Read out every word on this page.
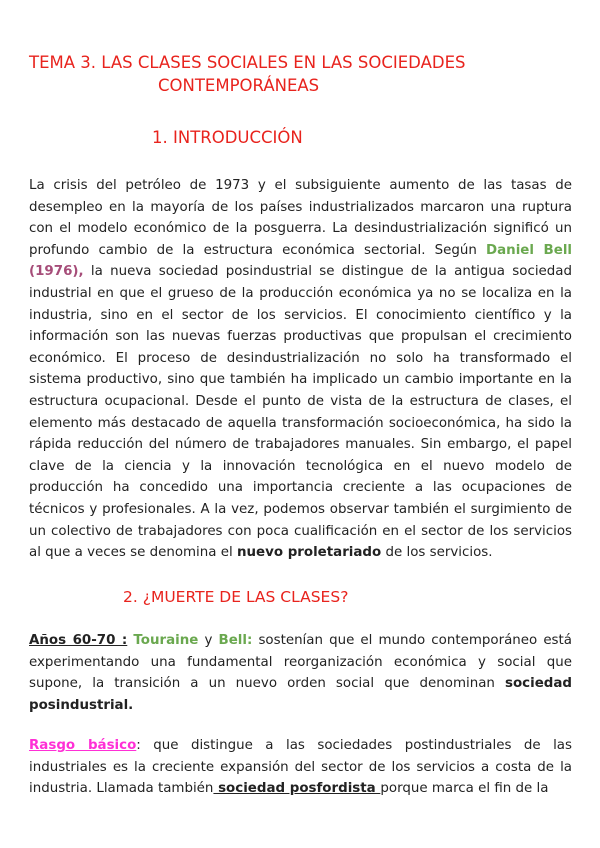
TEMA 3. LAS CLASES SOCIALES EN LAS SOCIEDADES
CONTEMPORÁNEAS
1. INTRODUCCIÓN

La crisis del petróleo de 1973 y el subsiguiente aumento de las tasas de desempleo en la mayoría de los países industrializados marcaron una ruptura con el modelo económico de la posguerra. La desindustrialización significó un profundo cambio de la estructura económica sectorial. Según Daniel Bell (1976), la nueva sociedad posindustrial se distingue de la antigua sociedad industrial en que el grueso de la producción económica ya no se localiza en la industria, sino en el sector de los servicios. El conocimiento científico y la información son las nuevas fuerzas productivas que propulsan el crecimiento económico. El proceso de desindustrialización no solo ha transformado el sistema productivo, sino que también ha implicado un cambio importante en la estructura ocupacional. Desde el punto de vista de la estructura de clases, el elemento más destacado de aquella transformación socioeconómica, ha sido la rápida reducción del número de trabajadores manuales. Sin embargo, el papel clave de la ciencia y la innovación tecnológica en el nuevo modelo de producción ha concedido una importancia creciente a las ocupaciones de técnicos y profesionales. A la vez, podemos observar también el surgimiento de un colectivo de trabajadores con poca cualificación en el sector de los servicios al que a veces se denomina el nuevo proletariado de los servicios.

2. ¿MUERTE DE LAS CLASES?

Años 60-70 : Touraine y Bell: sostenían que el mundo contemporáneo está experimentando una fundamental reorganización económica y social que supone, la transición a un nuevo orden social que denominan sociedad posindustrial.

Rasgo básico: que distingue a las sociedades postindustriales de las industriales es la creciente expansión del sector de los servicios a costa de la industria. Llamada también sociedad posfordista porque marca el fin de la
